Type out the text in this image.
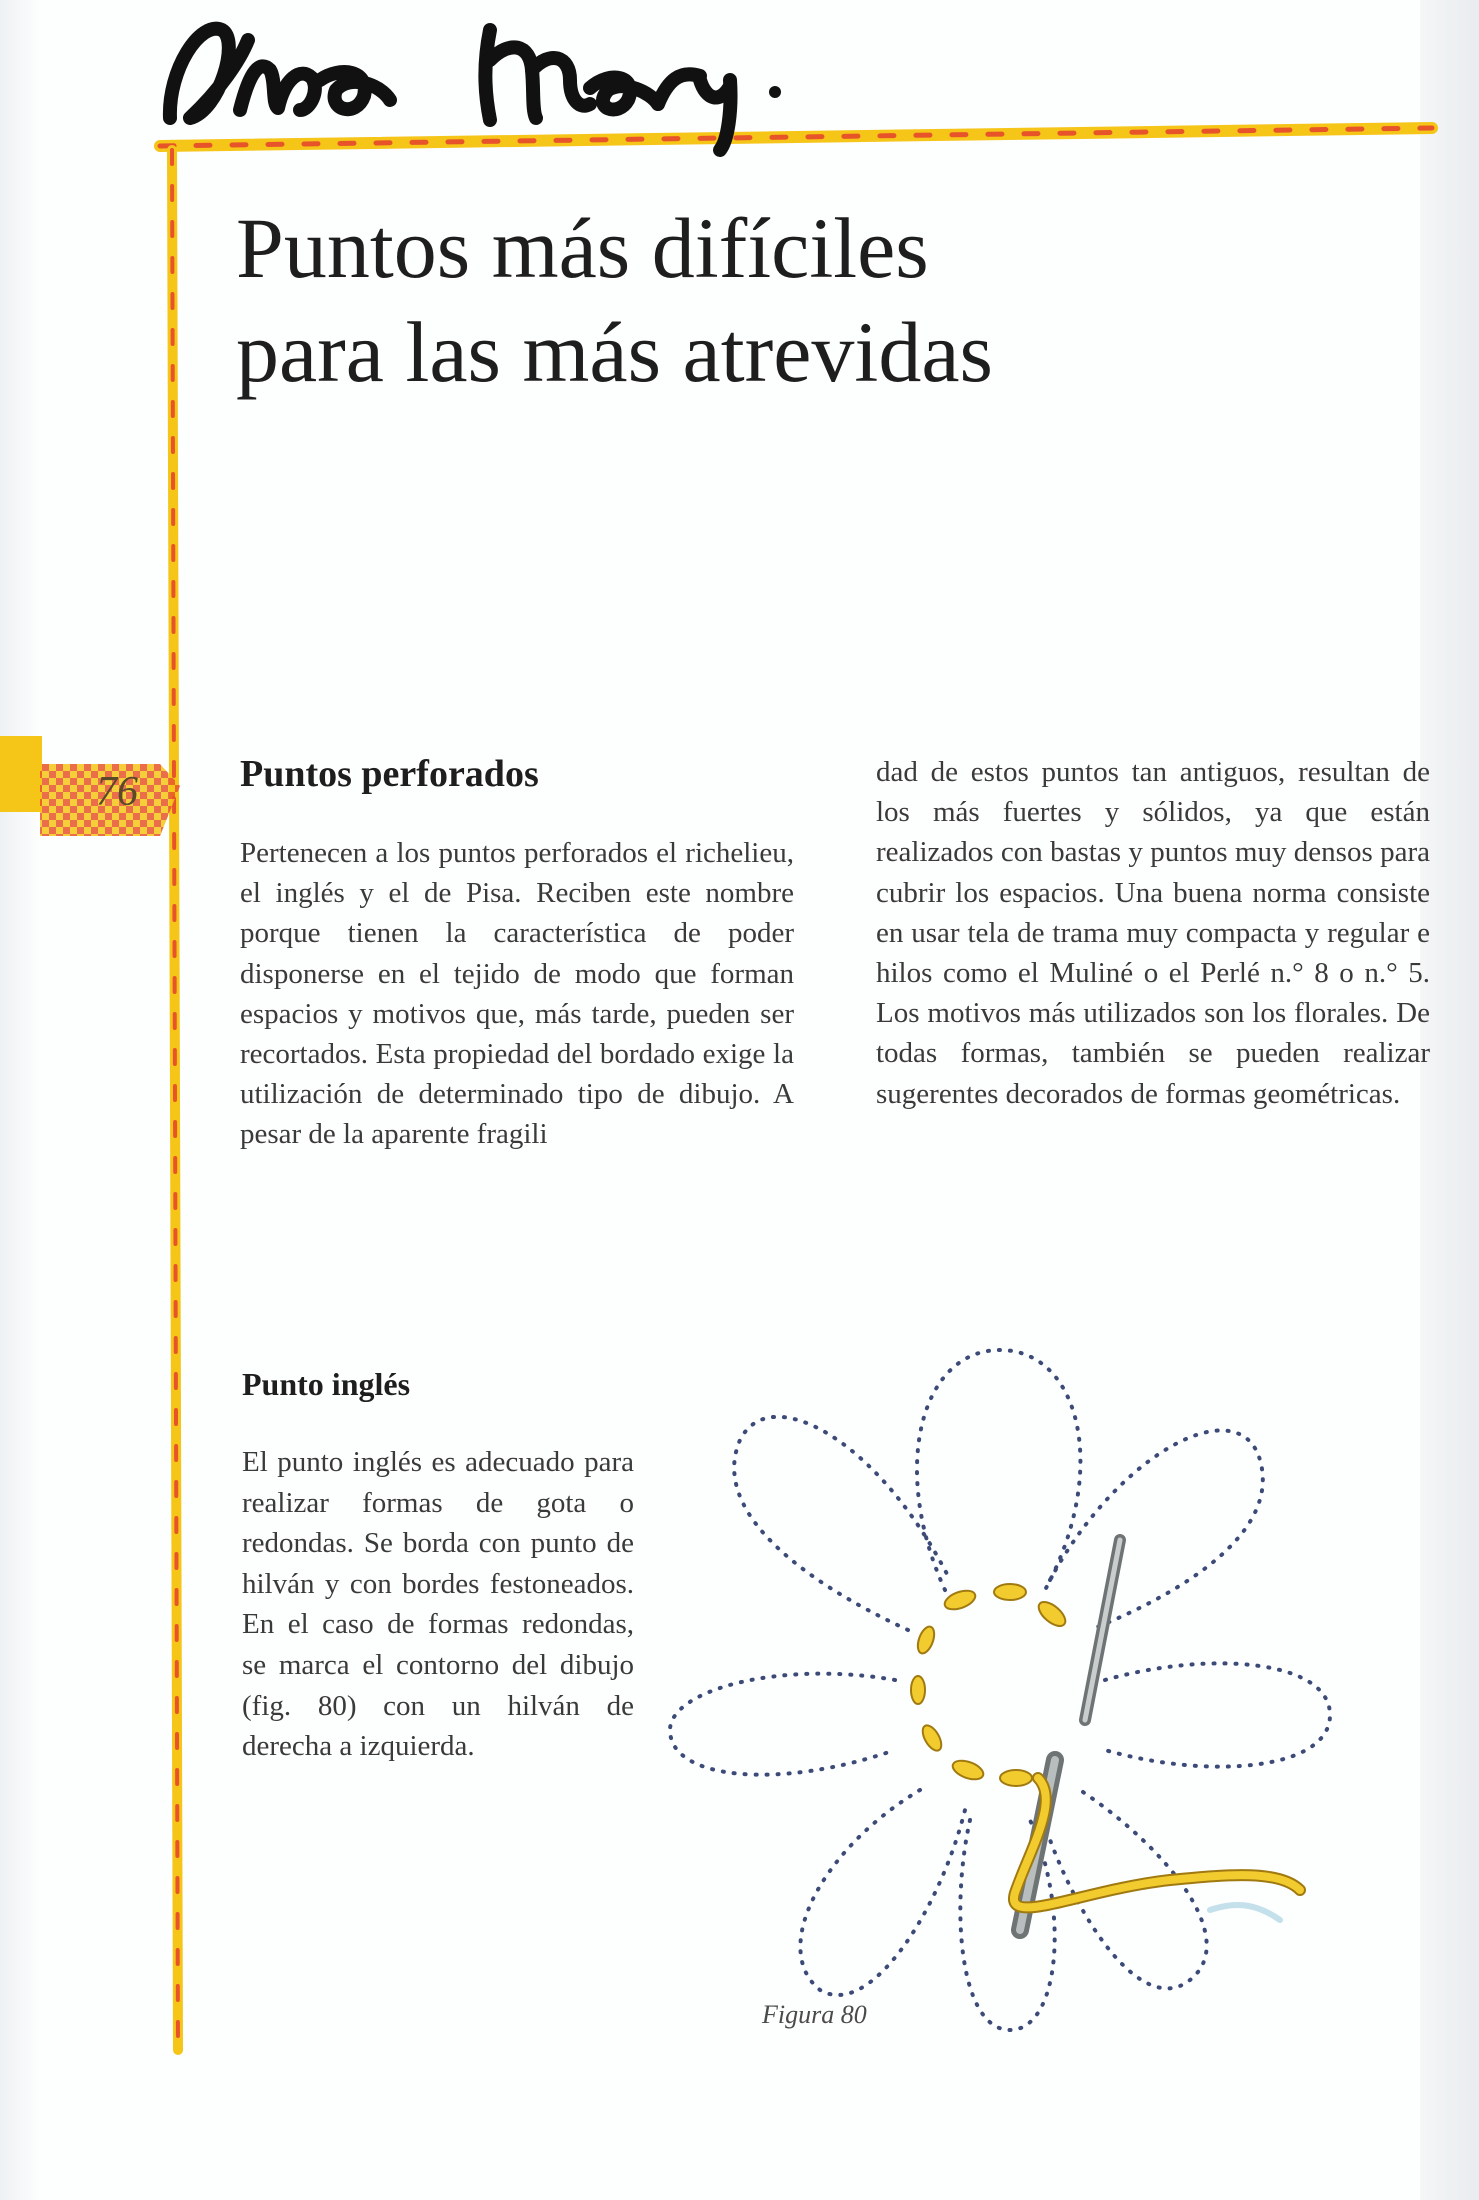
Puntos más difíciles
para las más atrevidas
76	Puntos perforados
Pertenecen a los puntos perforados el richelieu, el inglés y el de Pisa. Reciben este nombre porque tienen la característica de poder disponerse en el tejido de modo que forman espacios y motivos que, más tarde, pueden ser recortados. Esta propiedad del bordado exige la utilización de determinado tipo de dibujo. A pesar de la aparente fragili
dad de estos puntos tan antiguos, resultan de los más fuertes y sólidos, ya que están realizados con bastas y puntos muy densos para cubrir los espacios. Una buena norma consiste en usar tela de trama muy compacta y regular e hilos como el Muliné o el Perlé n.° 8 o n.° 5. Los motivos más utilizados son los florales. De todas formas, también se pueden realizar sugerentes decorados de formas geométricas.
Punto inglés
El punto inglés es adecuado para realizar formas de gota o redondas. Se borda con punto de hilván y con bordes festoneados. En el caso de formas redondas, se marca el contorno del dibujo (fig. 80) con un hilván de derecha a izquierda.
Figura 80
